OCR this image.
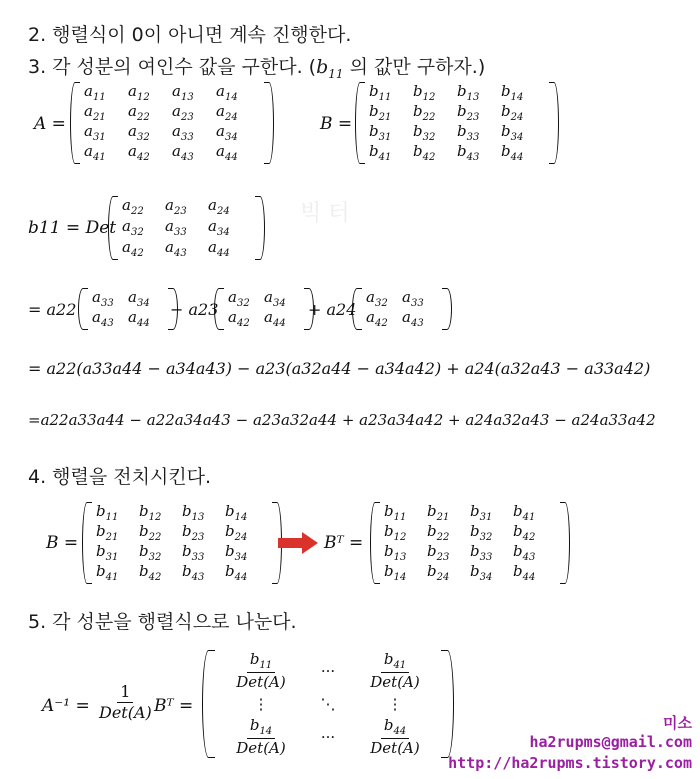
빅 터
2. 행렬식이 0이 아니면 계속 진행한다.
3. 각 성분의 여인수 값을 구한다. ($b_{11}$ 의 값만 구하자.)
A =
$a_{11}$ $a_{12}$ $a_{13}$ $a_{14}$
$a_{21}$ $a_{22}$ $a_{23}$ $a_{24}$
$a_{31}$ $a_{32}$ $a_{33}$ $a_{34}$
$a_{41}$ $a_{42}$ $a_{43}$ $a_{44}$
B =
$b_{11}$ $b_{12}$ $b_{13}$ $b_{14}$
$b_{21}$ $b_{22}$ $b_{23}$ $b_{24}$
$b_{31}$ $b_{32}$ $b_{33}$ $b_{34}$
$b_{41}$ $b_{42}$ $b_{43}$ $b_{44}$
b11 = Det
$a_{22}$ $a_{23}$ $a_{24}$
$a_{32}$ $a_{33}$ $a_{34}$
$a_{42}$ $a_{43}$ $a_{44}$
= a22
$a_{33}$ $a_{34}$
$a_{43}$ $a_{44}$
− a23
$a_{32}$ $a_{34}$
$a_{42}$ $a_{44}$
+ a24
$a_{32}$ $a_{33}$
$a_{42}$ $a_{43}$
= a22(a33a44 − a34a43) − a23(a32a44 − a34a42) + a24(a32a43 − a33a42)
=a22a33a44 − a22a34a43 − a23a32a44 + a23a34a42 + a24a32a43 − a24a33a42
4. 행렬을 전치시킨다.
B =
$b_{11}$ $b_{12}$ $b_{13}$ $b_{14}$
$b_{21}$ $b_{22}$ $b_{23}$ $b_{24}$
$b_{31}$ $b_{32}$ $b_{33}$ $b_{34}$
$b_{41}$ $b_{42}$ $b_{43}$ $b_{44}$
Bᵀ =
$b_{11}$ $b_{21}$ $b_{31}$ $b_{41}$
$b_{12}$ $b_{22}$ $b_{32}$ $b_{42}$
$b_{13}$ $b_{23}$ $b_{33}$ $b_{43}$
$b_{14}$ $b_{24}$ $b_{34}$ $b_{44}$
5. 각 성분을 행렬식으로 나눈다.
$A^{-1} = \frac{1}{\text{Det(A)}}$ Bᵀ =
$\frac{b_{11}}{\text{Det(A)}}$ ··· $\frac{b_{41}}{\text{Det(A)}}$
⋮	⋱	⋮
$\frac{b_{14}}{\text{Det(A)}}$ ··· $\frac{b_{44}}{\text{Det(A)}}$	미소
ha2rupms@gmail.com
http://ha2rupms.tistory.com
